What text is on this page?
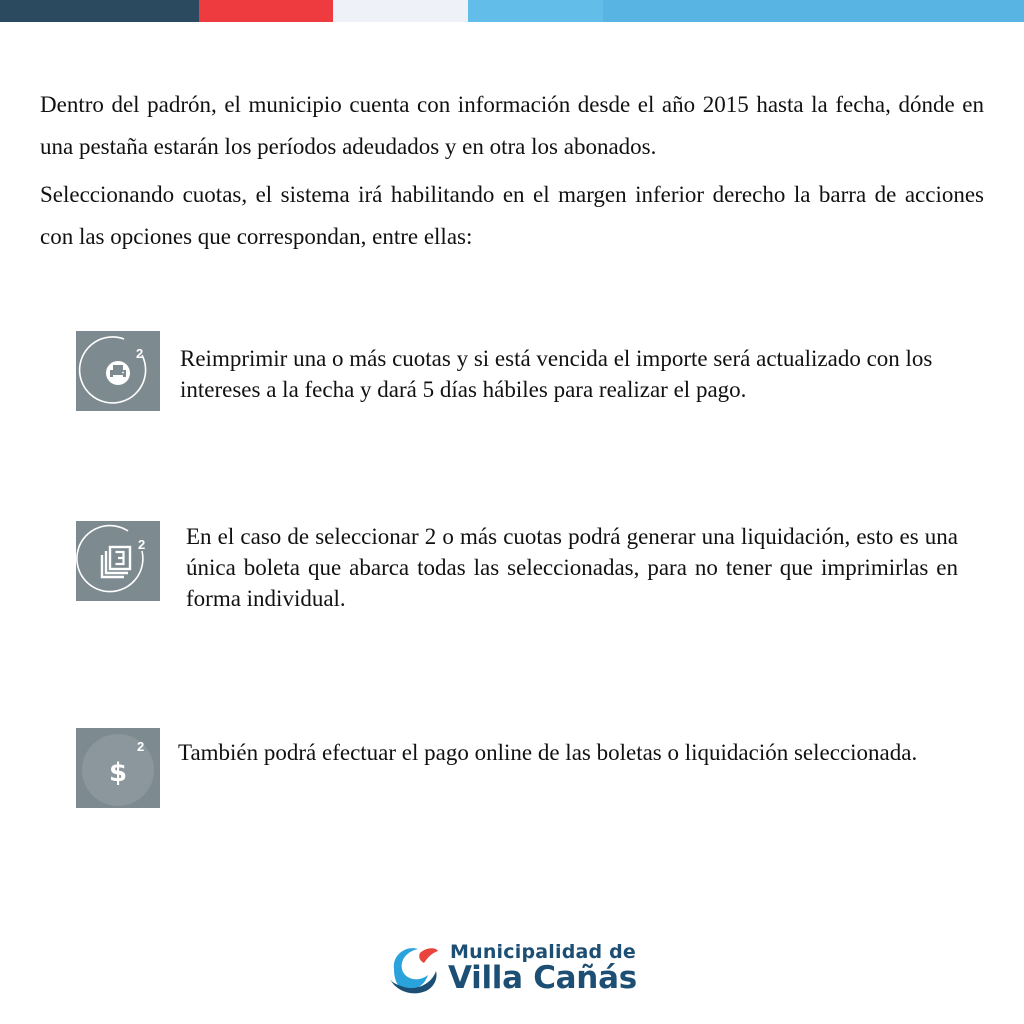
Dentro del padrón, el municipio cuenta con información desde el año 2015 hasta la fecha, dónde en una pestaña estarán los períodos adeudados y en otra los abonados.

Seleccionando cuotas, el sistema irá habilitando en el margen inferior derecho la barra de acciones con las opciones que correspondan, entre ellas:

2 Reimprimir una o más cuotas y si está vencida el importe será actualizado con los intereses a la fecha y dará 5 días hábiles para realizar el pago.

2 En el caso de seleccionar 2 o más cuotas podrá generar una liquidación, esto es una única boleta que abarca todas las seleccionadas, para no tener que imprimirlas en forma individual.

$
2 También podrá efectuar el pago online de las boletas o liquidación seleccionada.

Municipalidad de
Villa Cañás
